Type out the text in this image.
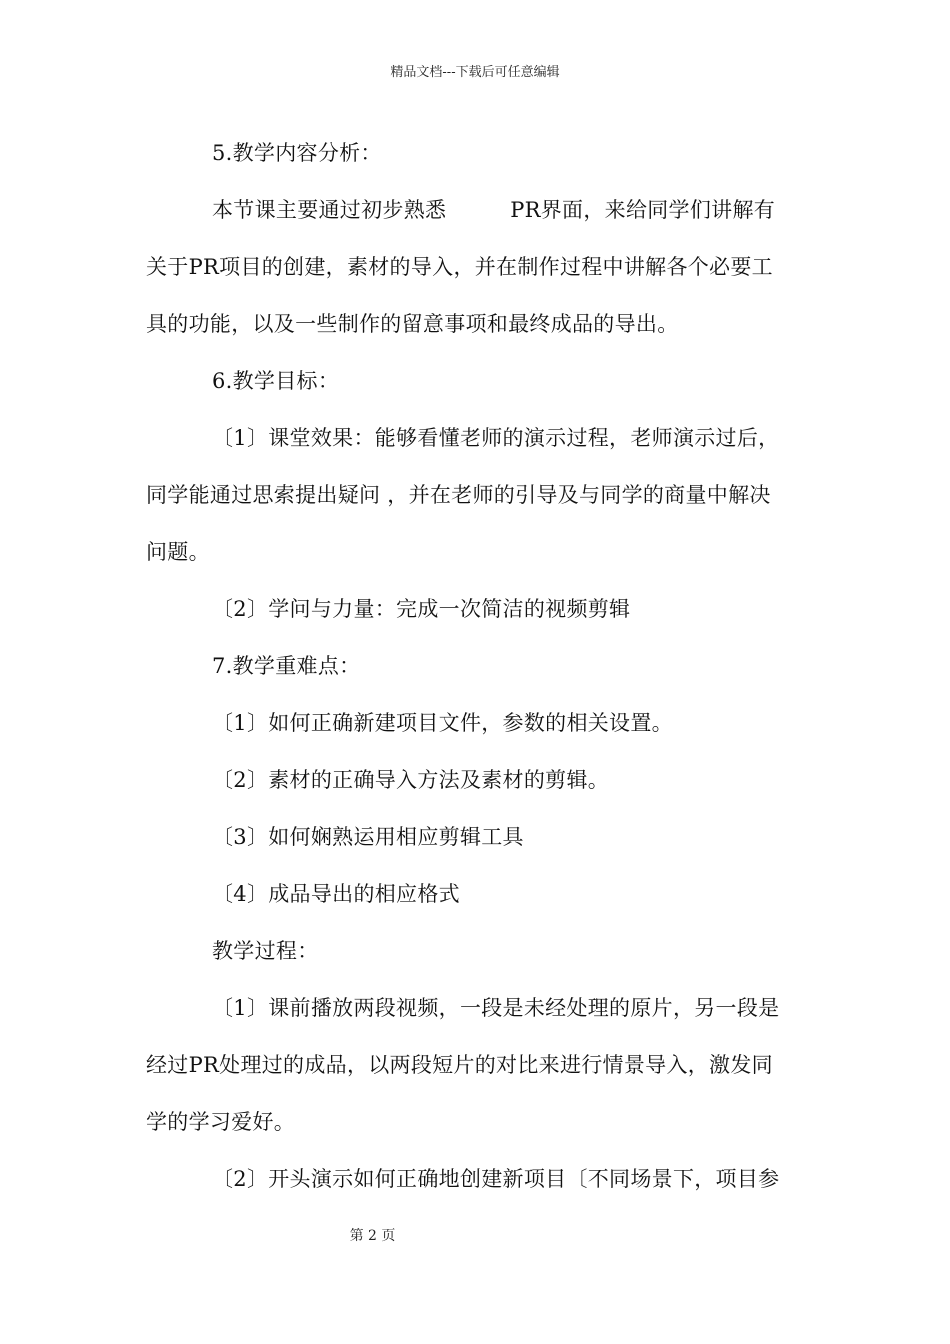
精品文档---下载后可任意编辑
5.教学内容分析：
本节课主要通过初步熟悉　　　PR界面，来给同学们讲解有
关于PR项目的创建，素材的导入，并在制作过程中讲解各个必要工
具的功能，以及一些制作的留意事项和最终成品的导出。
6.教学目标：
〔1〕课堂效果：能够看懂老师的演示过程，老师演示过后，
同学能通过思索提出疑问 ，并在老师的引导及与同学的商量中解决
问题。
〔2〕学问与力量：完成一次简洁的视频剪辑
7.教学重难点：
〔1〕如何正确新建项目文件，参数的相关设置。
〔2〕素材的正确导入方法及素材的剪辑。
〔3〕如何娴熟运用相应剪辑工具
〔4〕成品导出的相应格式
教学过程：
〔1〕课前播放两段视频，一段是未经处理的原片，另一段是
经过PR处理过的成品，以两段短片的对比来进行情景导入，激发同
学的学习爱好。
〔2〕开头演示如何正确地创建新项目〔不同场景下，项目参
第 2 页
